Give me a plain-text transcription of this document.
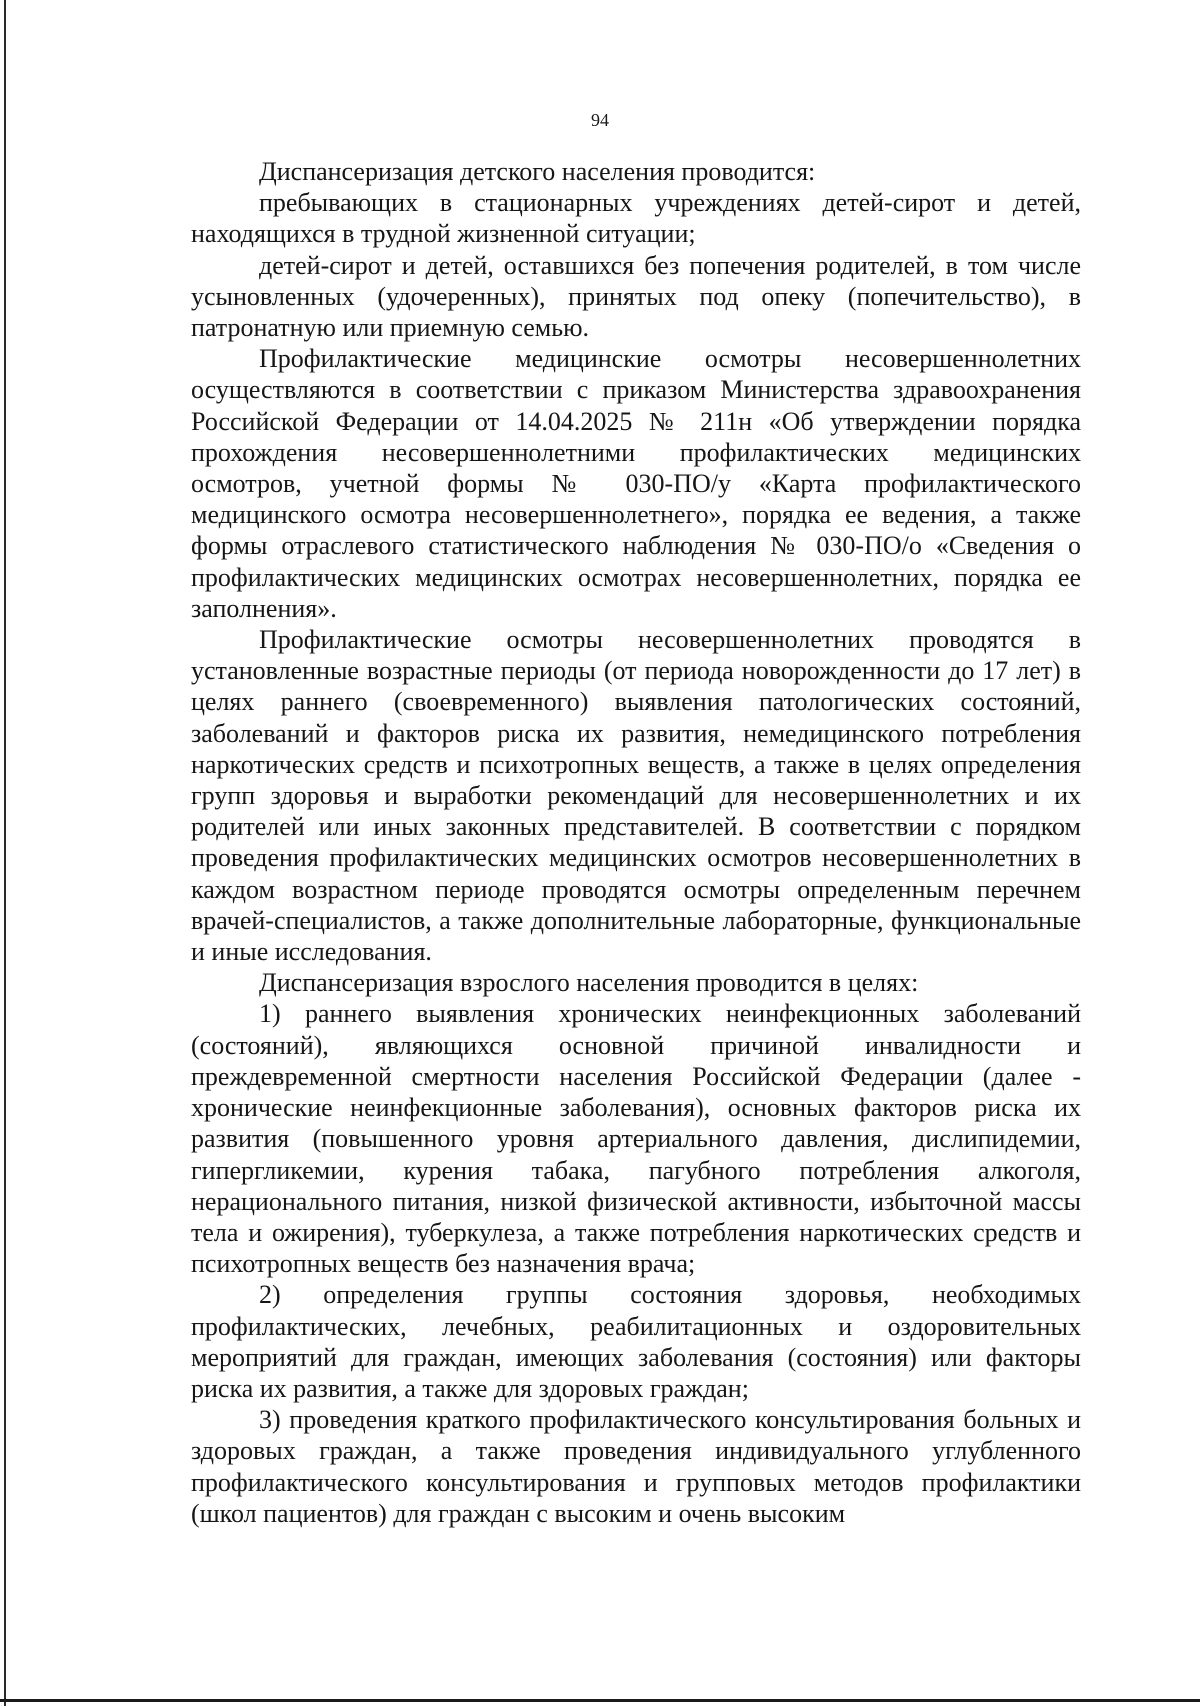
94

Диспансеризация детского населения проводится:

пребывающих в стационарных учреждениях детей-сирот и детей, находящихся в трудной жизненной ситуации;

детей-сирот и детей, оставшихся без попечения родителей, в том числе усыновленных (удочеренных), принятых под опеку (попечительство), в патронатную или приемную семью.

Профилактические медицинские осмотры несовершеннолетних осуществляются в соответствии с приказом Министерства здравоохранения Российской Федерации от 14.04.2025 № 211н «Об утверждении порядка прохождения несовершеннолетними профилактических медицинских осмотров, учетной формы № 030-ПО/у «Карта профилактического медицинского осмотра несовершеннолетнего», порядка ее ведения, а также формы отраслевого статистического наблюдения № 030-ПО/о «Сведения о профилактических медицинских осмотрах несовершеннолетних, порядка ее заполнения».

Профилактические осмотры несовершеннолетних проводятся в установленные возрастные периоды (от периода новорожденности до 17 лет) в целях раннего (своевременного) выявления патологических состояний, заболеваний и факторов риска их развития, немедицинского потребления наркотических средств и психотропных веществ, а также в целях определения групп здоровья и выработки рекомендаций для несовершеннолетних и их родителей или иных законных представителей. В соответствии с порядком проведения профилактических медицинских осмотров несовершеннолетних в каждом возрастном периоде проводятся осмотры определенным перечнем врачей-специалистов, а также дополнительные лабораторные, функциональные и иные исследования.

Диспансеризация взрослого населения проводится в целях:

1) раннего выявления хронических неинфекционных заболеваний (состояний), являющихся основной причиной инвалидности и преждевременной смертности населения Российской Федерации (далее - хронические неинфекционные заболевания), основных факторов риска их развития (повышенного уровня артериального давления, дислипидемии, гипергликемии, курения табака, пагубного потребления алкоголя, нерационального питания, низкой физической активности, избыточной массы тела и ожирения), туберкулеза, а также потребления наркотических средств и психотропных веществ без назначения врача;

2) определения группы состояния здоровья, необходимых профилактических, лечебных, реабилитационных и оздоровительных мероприятий для граждан, имеющих заболевания (состояния) или факторы риска их развития, а также для здоровых граждан;

3) проведения краткого профилактического консультирования больных и здоровых граждан, а также проведения индивидуального углубленного профилактического консультирования и групповых методов профилактики (школ пациентов) для граждан с высоким и очень высоким
